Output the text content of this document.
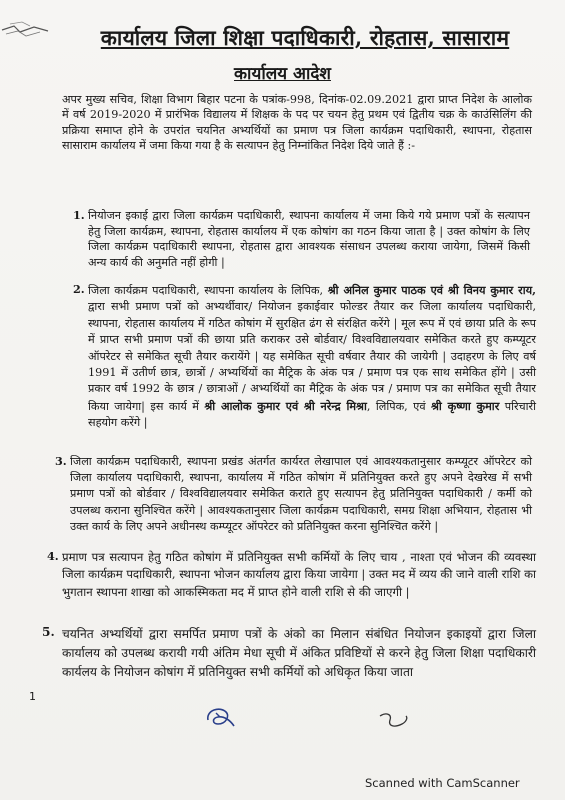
कार्यालय जिला शिक्षा पदाधिकारी, रोहतास, सासाराम
कार्यालय आदेश
अपर मुख्य सचिव, शिक्षा विभाग बिहार पटना के पत्रांक-998, दिनांक-02.09.2021 द्वारा प्राप्त निदेश के आलोक में वर्ष 2019-2020 में प्रारंभिक विद्यालय में शिक्षक के पद पर चयन हेतु प्रथम एवं द्वितीय चक्र के काउंसिलिंग की प्रक्रिया समाप्त होने के उपरांत चयनित अभ्यर्थियों का प्रमाण पत्र जिला कार्यक्रम पदाधिकारी, स्थापना, रोहतास सासाराम कार्यालय में जमा किया गया है के सत्यापन हेतु निम्नांकित निदेश दिये जाते हैं :-
1. नियोजन इकाई द्वारा जिला कार्यक्रम पदाधिकारी, स्थापना कार्यालय में जमा किये गये प्रमाण पत्रों के सत्यापन हेतु जिला कार्यक्रम, स्थापना, रोहतास कार्यालय में एक कोषांग का गठन किया जाता है | उक्त कोषांग के लिए जिला कार्यक्रम पदाधिकारी स्थापना, रोहतास द्वारा आवश्यक संसाधन उपलब्ध कराया जायेगा, जिसमें किसी अन्य कार्य की अनुमति नहीं होगी |
2. जिला कार्यक्रम पदाधिकारी, स्थापना कार्यालय के लिपिक, श्री अनिल कुमार पाठक एवं श्री विनय कुमार राय, द्वारा सभी प्रमाण पत्रों को अभ्यर्थीवार/ नियोजन इकाईवार फोल्डर तैयार कर जिला कार्यालय पदाधिकारी, स्थापना, रोहतास कार्यालय में गठित कोषांग में सुरक्षित ढंग से संरक्षित करेंगे | मूल रूप में एवं छाया प्रति के रूप में प्राप्त सभी प्रमाण पत्रों की छाया प्रति कराकर उसे बोर्डवार/ विश्वविद्यालयवार समेकित करते हुए कम्प्यूटर ऑपरेटर से समेकित सूची तैयार करायेंगे | यह समेकित सूची वर्षवार तैयार की जायेगी | उदाहरण के लिए वर्ष 1991 में उतीर्ण छात्र, छात्रों / अभ्यर्थियों का मैट्रिक के अंक पत्र / प्रमाण पत्र एक साथ समेकित होंगे | उसी प्रकार वर्ष 1992 के छात्र / छात्राओं / अभ्यर्थियों का मैट्रिक के अंक पत्र / प्रमाण पत्र का समेकित सूची तैयार किया जायेगा| इस कार्य में श्री आलोक कुमार एवं श्री नरेन्द्र मिश्रा, लिपिक, एवं श्री कृष्णा कुमार परिचारी सहयोग करेंगे |
3. जिला कार्यक्रम पदाधिकारी, स्थापना प्रखंड अंतर्गत कार्यरत लेखापाल एवं आवश्यकतानुसार कम्प्यूटर ऑपरेटर को जिला कार्यालय पदाधिकारी, स्थापना, कार्यालय में गठित कोषांग में प्रतिनियुक्त करते हुए अपने देखरेख में सभी प्रमाण पत्रों को बोर्डवार / विश्वविद्यालयवार समेकित कराते हुए सत्यापन हेतु प्रतिनियुक्त पदाधिकारी / कर्मी को उपलब्ध कराना सुनिश्चित करेंगे | आवश्यकतानुसार जिला कार्यक्रम पदाधिकारी, समग्र शिक्षा अभियान, रोहतास भी उक्त कार्य के लिए अपने अधीनस्थ कम्प्यूटर ऑपरेटर को प्रतिनियुक्त करना सुनिश्चित करेंगे |
4. प्रमाण पत्र सत्यापन हेतु गठित कोषांग में प्रतिनियुक्त सभी कर्मियों के लिए चाय , नाश्ता एवं भोजन की व्यवस्था जिला कार्यक्रम पदाधिकारी, स्थापना भोजन कार्यालय द्वारा किया जायेगा | उक्त मद में व्यय की जाने वाली राशि का भुगतान स्थापना शाखा को आकस्मिकता मद में प्राप्त होने वाली राशि से की जाएगी |
5. चयनित अभ्यर्थियों द्वारा समर्पित प्रमाण पत्रों के अंको का मिलान संबंधित नियोजन इकाइयों द्वारा जिला कार्यालय को उपलब्ध करायी गयी अंतिम मेधा सूची में अंकित प्रविष्टियों से करने हेतु जिला शिक्षा पदाधिकारी कार्यलय के नियोजन कोषांग में प्रतिनियुक्त सभी कर्मियों को अधिकृत किया जाता
1
Scanned with CamScanner
